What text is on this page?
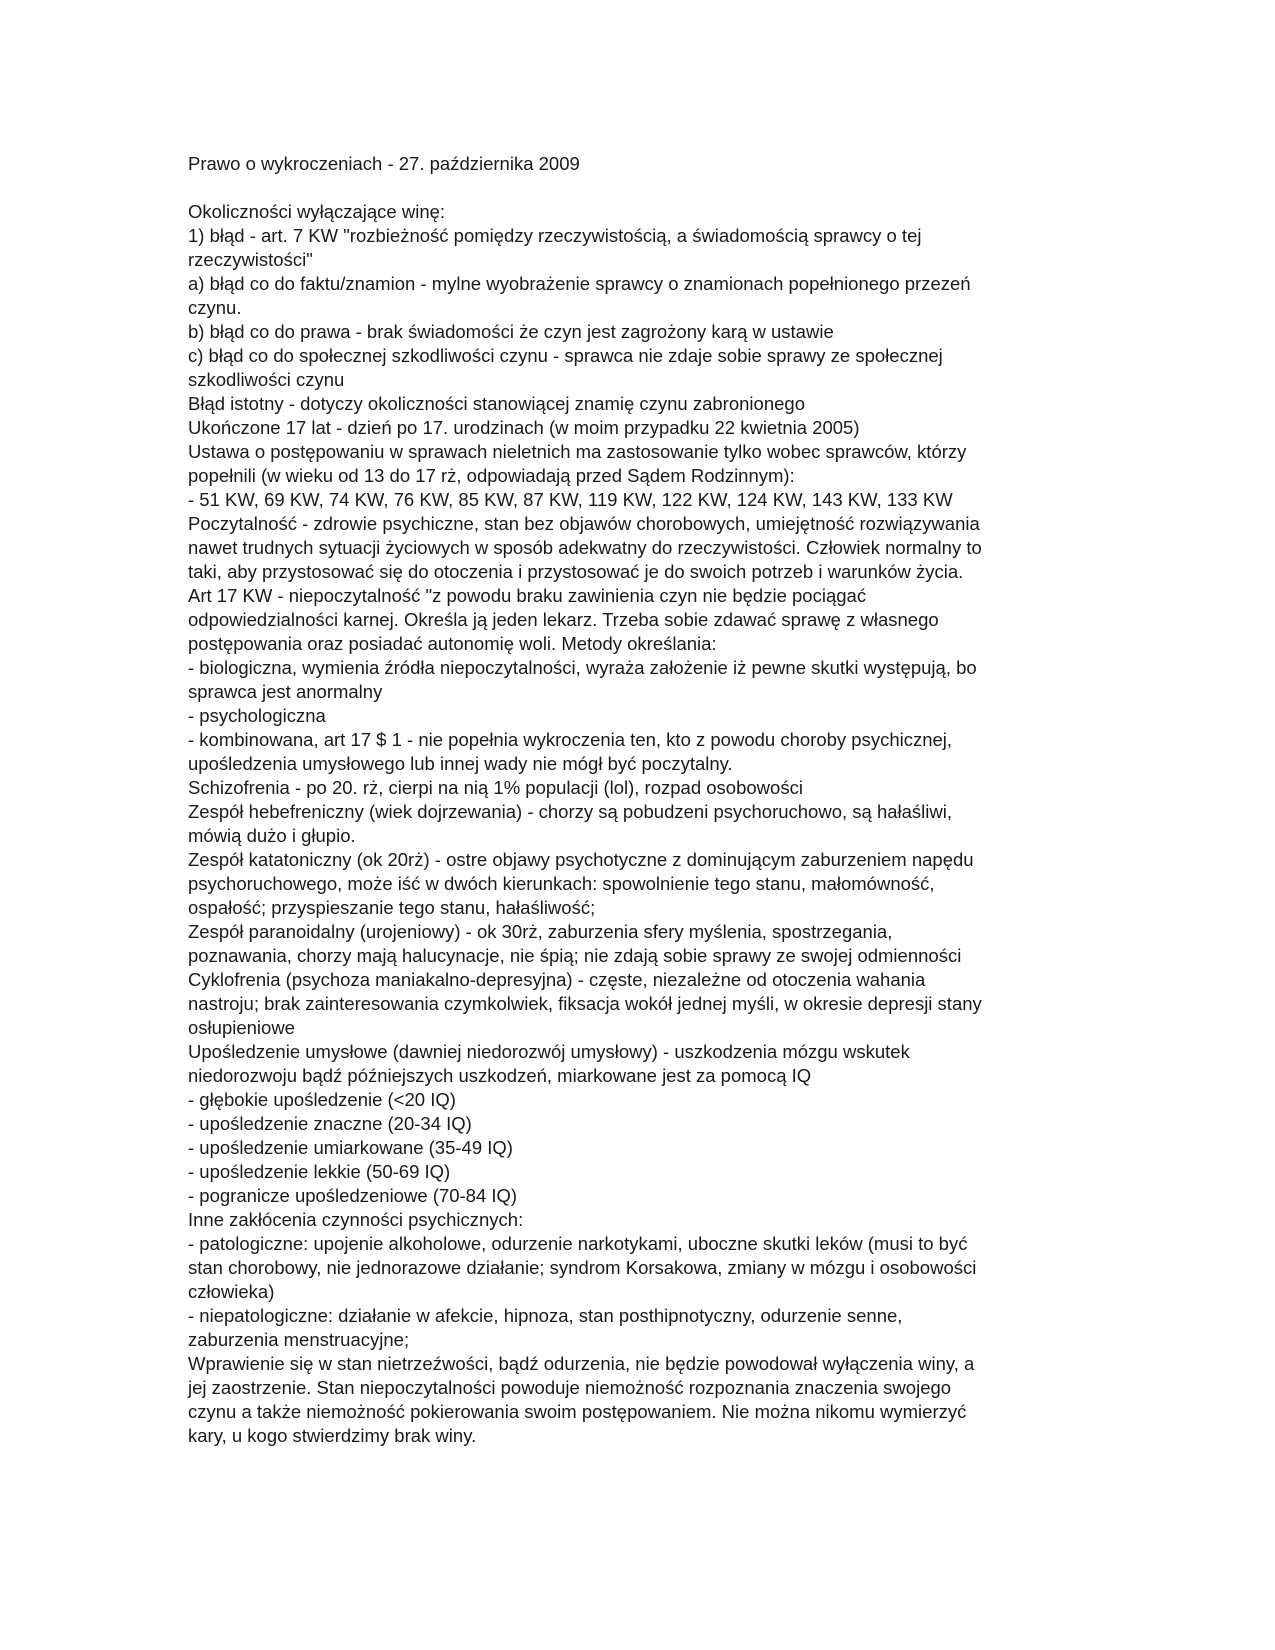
Prawo o wykroczeniach - 27. października 2009

Okoliczności wyłączające winę:

1) błąd - art. 7 KW "rozbieżność pomiędzy rzeczywistością, a świadomością sprawcy o tej

rzeczywistości"

a) błąd co do faktu/znamion - mylne wyobrażenie sprawcy o znamionach popełnionego przezeń

czynu.

b) błąd co do prawa - brak świadomości że czyn jest zagrożony karą w ustawie

c) błąd co do społecznej szkodliwości czynu - sprawca nie zdaje sobie sprawy ze społecznej

szkodliwości czynu

Błąd istotny - dotyczy okoliczności stanowiącej znamię czynu zabronionego

Ukończone 17 lat - dzień po 17. urodzinach (w moim przypadku 22 kwietnia 2005)

Ustawa o postępowaniu w sprawach nieletnich ma zastosowanie tylko wobec sprawców, którzy

popełnili (w wieku od 13 do 17 rż, odpowiadają przed Sądem Rodzinnym):

- 51 KW, 69 KW, 74 KW, 76 KW, 85 KW, 87 KW, 119 KW, 122 KW, 124 KW, 143 KW, 133 KW

Poczytalność - zdrowie psychiczne, stan bez objawów chorobowych, umiejętność rozwiązywania

nawet trudnych sytuacji życiowych w sposób adekwatny do rzeczywistości. Człowiek normalny to

taki, aby przystosować się do otoczenia i przystosować je do swoich potrzeb i warunków życia.

Art 17 KW - niepoczytalność "z powodu braku zawinienia czyn nie będzie pociągać

odpowiedzialności karnej. Określa ją jeden lekarz. Trzeba sobie zdawać sprawę z własnego

postępowania oraz posiadać autonomię woli. Metody określania:

- biologiczna, wymienia źródła niepoczytalności, wyraża założenie iż pewne skutki występują, bo

sprawca jest anormalny

- psychologiczna

- kombinowana, art 17 $ 1 - nie popełnia wykroczenia ten, kto z powodu choroby psychicznej,

upośledzenia umysłowego lub innej wady nie mógł być poczytalny.

Schizofrenia - po 20. rż, cierpi na nią 1% populacji (lol), rozpad osobowości

Zespół hebefreniczny (wiek dojrzewania) - chorzy są pobudzeni psychoruchowo, są hałaśliwi,

mówią dużo i głupio.

Zespół katatoniczny (ok 20rż) - ostre objawy psychotyczne z dominującym zaburzeniem napędu

psychoruchowego, może iść w dwóch kierunkach: spowolnienie tego stanu, małomówność,

ospałość; przyspieszanie tego stanu, hałaśliwość;

Zespół paranoidalny (urojeniowy) - ok 30rż, zaburzenia sfery myślenia, spostrzegania,

poznawania, chorzy mają halucynacje, nie śpią; nie zdają sobie sprawy ze swojej odmienności

Cyklofrenia (psychoza maniakalno-depresyjna) - częste, niezależne od otoczenia wahania

nastroju; brak zainteresowania czymkolwiek, fiksacja wokół jednej myśli, w okresie depresji stany

osłupieniowe

Upośledzenie umysłowe (dawniej niedorozwój umysłowy) - uszkodzenia mózgu wskutek

niedorozwoju bądź późniejszych uszkodzeń, miarkowane jest za pomocą IQ

- głębokie upośledzenie (<20 IQ)

- upośledzenie znaczne (20-34 IQ)

- upośledzenie umiarkowane (35-49 IQ)

- upośledzenie lekkie (50-69 IQ)

- pogranicze upośledzeniowe (70-84 IQ)

Inne zakłócenia czynności psychicznych:

- patologiczne: upojenie alkoholowe, odurzenie narkotykami, uboczne skutki leków (musi to być

stan chorobowy, nie jednorazowe działanie; syndrom Korsakowa, zmiany w mózgu i osobowości

człowieka)

- niepatologiczne: działanie w afekcie, hipnoza, stan posthipnotyczny, odurzenie senne,

zaburzenia menstruacyjne;

Wprawienie się w stan nietrzeźwości, bądź odurzenia, nie będzie powodował wyłączenia winy, a

jej zaostrzenie. Stan niepoczytalności powoduje niemożność rozpoznania znaczenia swojego

czynu a także niemożność pokierowania swoim postępowaniem. Nie można nikomu wymierzyć

kary, u kogo stwierdzimy brak winy.
